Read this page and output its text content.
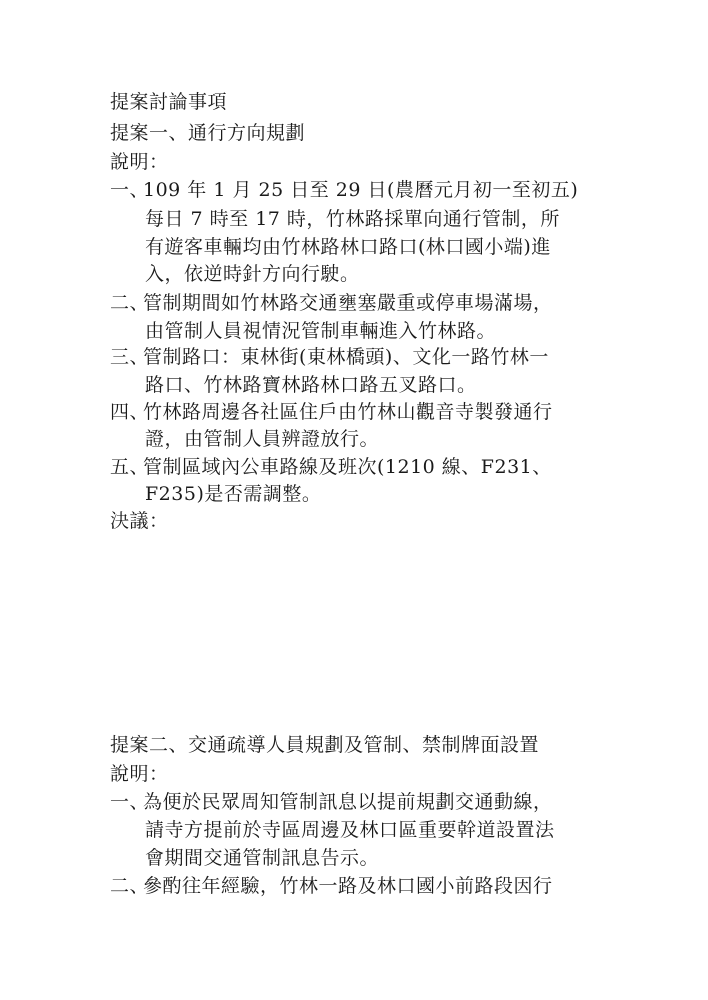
提案討論事項
提案一、通行方向規劃
說明：
一、109 年 1 月 25 日至 29 日(農曆元月初一至初五)
每日 7 時至 17 時，竹林路採單向通行管制，所
有遊客車輛均由竹林路林口路口(林口國小端)進
入，依逆時針方向行駛。
二、管制期間如竹林路交通壅塞嚴重或停車場滿場，
由管制人員視情況管制車輛進入竹林路。
三、管制路口：東林街(東林橋頭)、文化一路竹林一
路口、竹林路寶林路林口路五叉路口。
四、竹林路周邊各社區住戶由竹林山觀音寺製發通行
證，由管制人員辨證放行。
五、管制區域內公車路線及班次(1210 線、F231、
F235)是否需調整。
決議：
提案二、交通疏導人員規劃及管制、禁制牌面設置
說明：
一、為便於民眾周知管制訊息以提前規劃交通動線，
請寺方提前於寺區周邊及林口區重要幹道設置法
會期間交通管制訊息告示。
二、參酌往年經驗，竹林一路及林口國小前路段因行
